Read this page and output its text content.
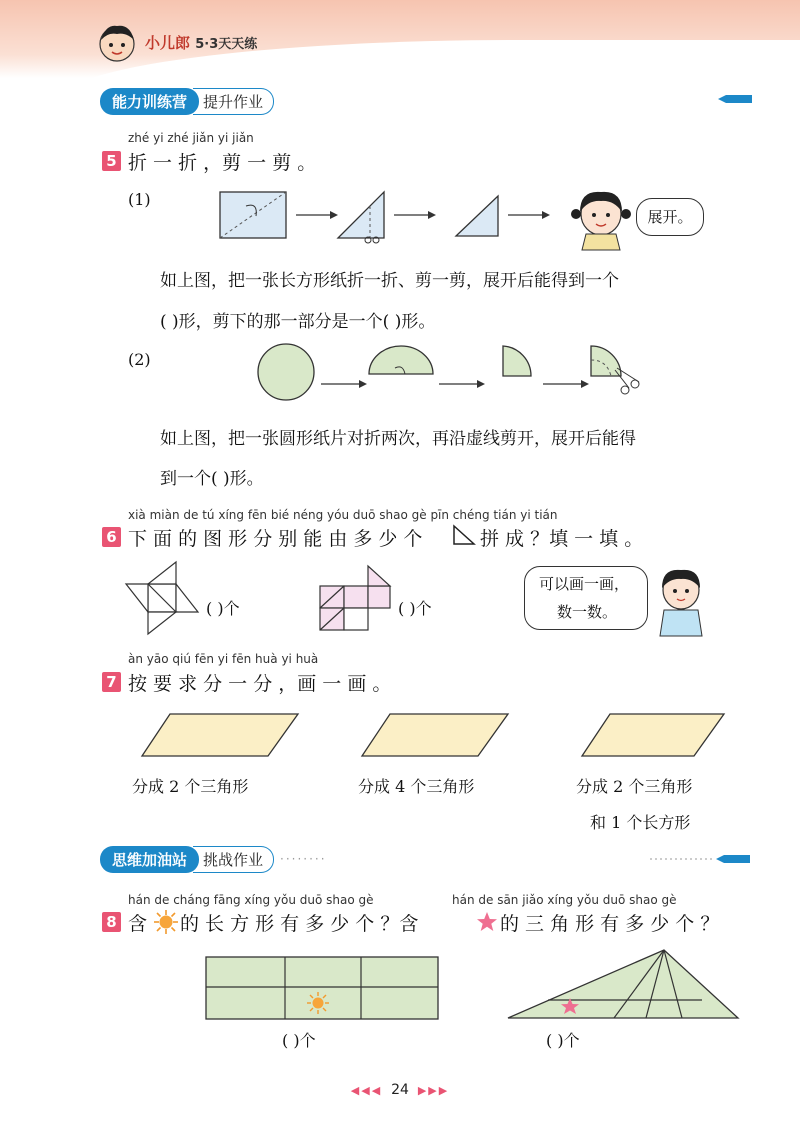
小儿郎 5·3天天练
能力训练营	提升作业
zhé yi zhé jiǎn yi jiǎn
5 折 一 折 ，剪 一 剪 。
(1)
展开。
如上图，把一张长方形纸折一折、剪一剪，展开后能得到一个
( )形，剪下的那一部分是一个( )形。
(2)
如上图，把一张圆形纸片对折两次，再沿虚线剪开，展开后能得
到一个( )形。
xià miàn de tú xíng fēn bié néng yóu duō shao gè pīn chéng tián yi tián
6 下 面 的 图 形 分 别 能 由 多 少 个	拼 成 ？填 一 填 。
( )个	( )个
可以画一画，
数一数。
àn yāo qiú fēn yi fēn huà yi huà
7 按 要 求 分 一 分 ，画 一 画 。
分成 2 个三角形	分成 4 个三角形	分成 2 个三角形
和 1 个长方形
思维加油站	挑战作业	········
hán de cháng fāng xíng yǒu duō shao gè	hán de sān jiǎo xíng yǒu duō shao gè
8 含 的 长 方 形 有 多 少 个 ？含	的 三 角 形 有 多 少 个 ？
( )个	( )个
◀◀◀ 24 ▶▶▶
